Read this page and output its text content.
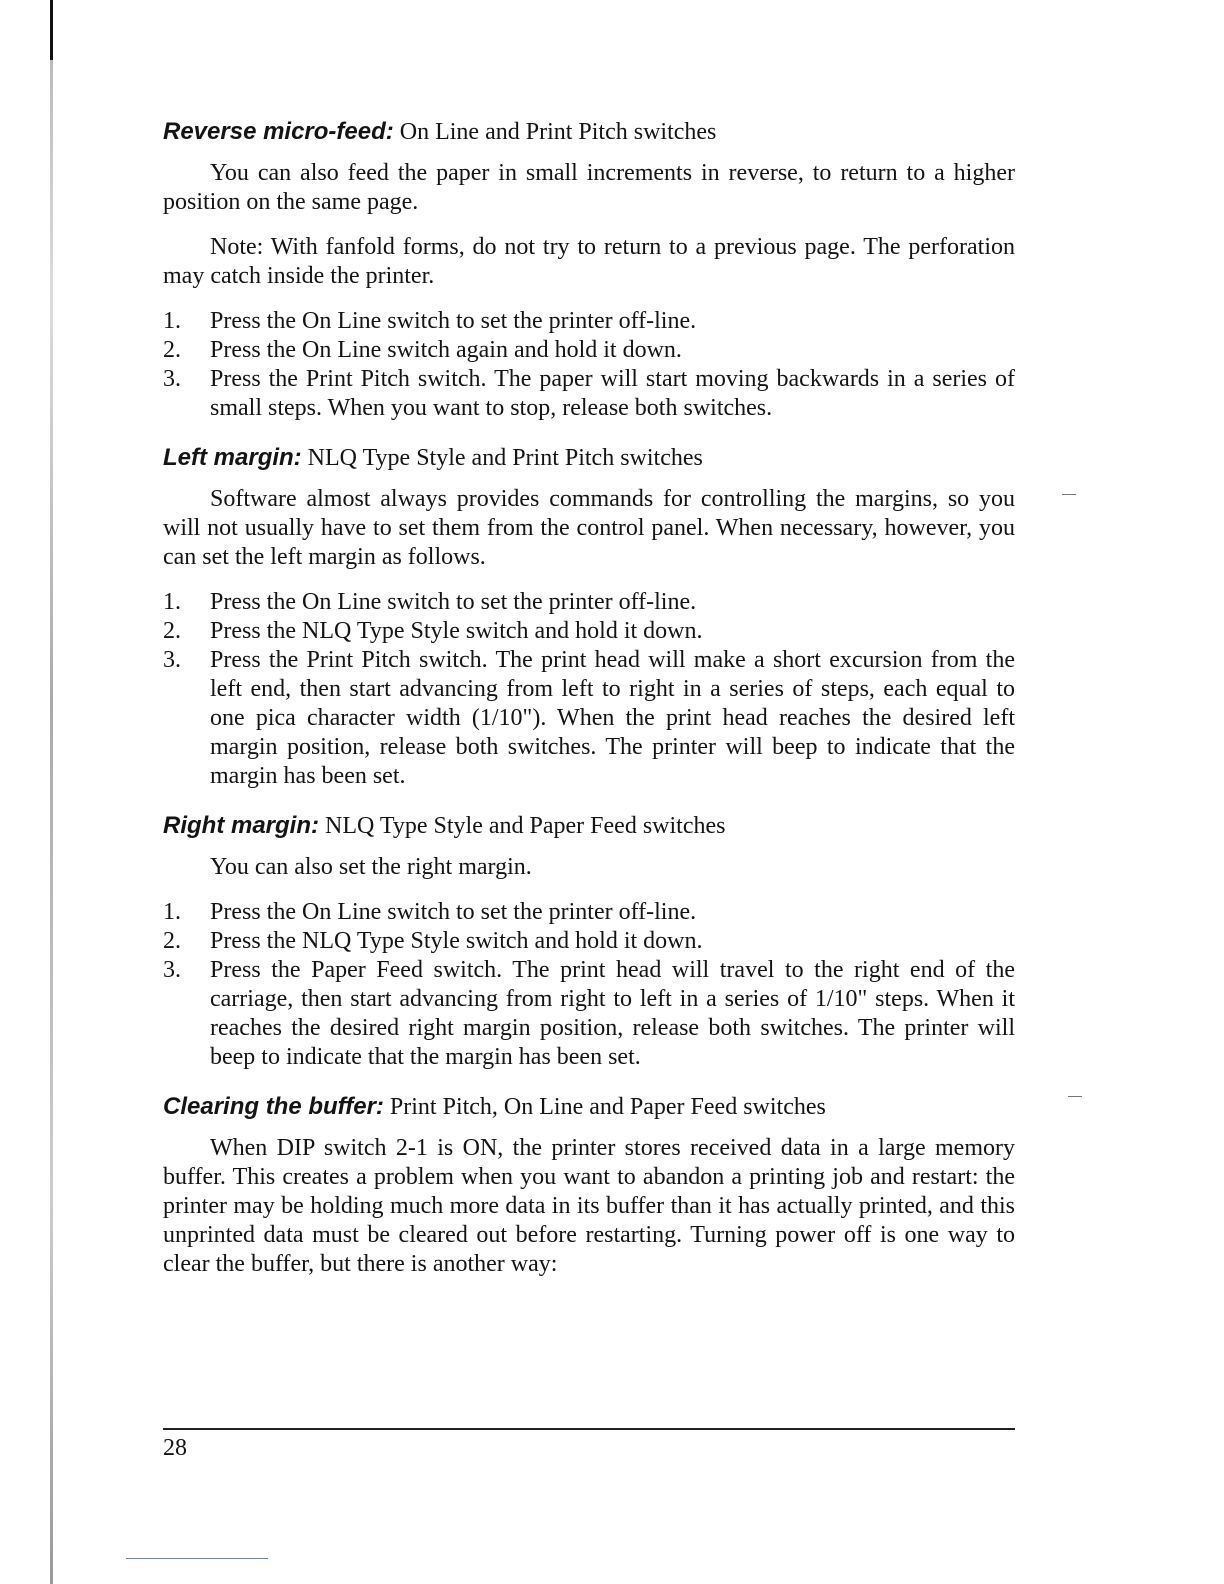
Reverse micro-feed: On Line and Print Pitch switches

You can also feed the paper in small increments in reverse, to return to a higher position on the same page.

Note: With fanfold forms, do not try to return to a previous page. The perforation may catch inside the printer.

1. Press the On Line switch to set the printer off-line.
2. Press the On Line switch again and hold it down.
3. Press the Print Pitch switch. The paper will start moving backwards in a series of small steps. When you want to stop, release both switches.
Left margin: NLQ Type Style and Print Pitch switches

Software almost always provides commands for controlling the margins, so you will not usually have to set them from the control panel. When necessary, however, you can set the left margin as follows.

1. Press the On Line switch to set the printer off-line.
2. Press the NLQ Type Style switch and hold it down.
3. Press the Print Pitch switch. The print head will make a short excursion from the left end, then start advancing from left to right in a series of steps, each equal to one pica character width (1/10"). When the print head reaches the desired left margin position, release both switches. The printer will beep to indicate that the margin has been set.
Right margin: NLQ Type Style and Paper Feed switches

You can also set the right margin.

1. Press the On Line switch to set the printer off-line.
2. Press the NLQ Type Style switch and hold it down.
3. Press the Paper Feed switch. The print head will travel to the right end of the carriage, then start advancing from right to left in a series of 1/10" steps. When it reaches the desired right margin position, release both switches. The printer will beep to indicate that the margin has been set.
Clearing the buffer: Print Pitch, On Line and Paper Feed switches

When DIP switch 2-1 is ON, the printer stores received data in a large memory buffer. This creates a problem when you want to abandon a printing job and restart: the printer may be holding much more data in its buffer than it has actually printed, and this unprinted data must be cleared out before restarting. Turning power off is one way to clear the buffer, but there is another way:

28
